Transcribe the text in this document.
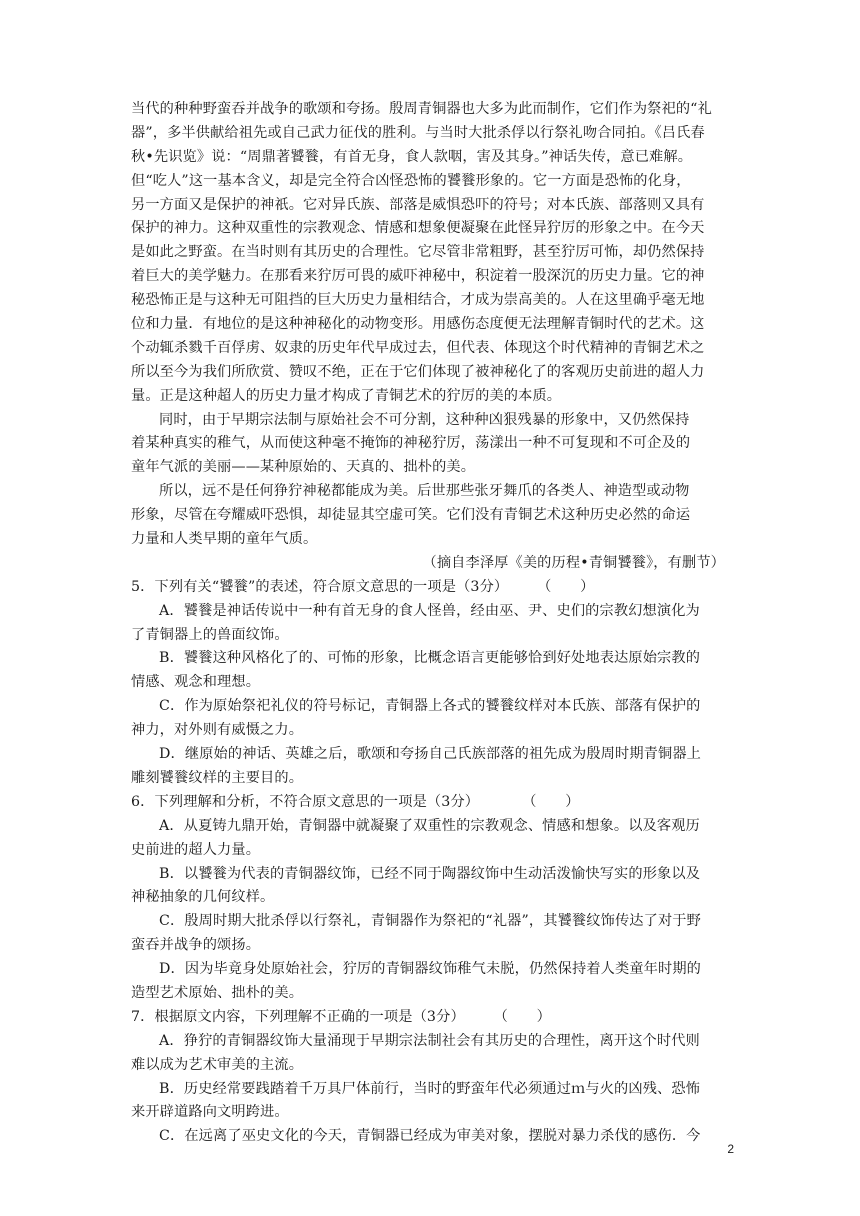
当代的种种野蛮吞并战争的歌颂和夸扬。殷周青铜器也大多为此而制作，它们作为祭祀的“礼
器”，多半供献给祖先或自己武力征伐的胜利。与当时大批杀俘以行祭礼吻合同拍。《吕氏春
秋•先识览》说：“周鼎著饕餮，有首无身，食人款咽，害及其身。”神话失传，意已难解。
但“吃人”这一基本含义，却是完全符合凶怪恐怖的饕餮形象的。它一方面是恐怖的化身，
另一方面又是保护的神祇。它对异氏族、部落是威惧恐吓的符号；对本氏族、部落则又具有
保护的神力。这种双重性的宗教观念、情感和想象便凝聚在此怪异狞厉的形象之中。在今天
是如此之野蛮。在当时则有其历史的合理性。它尽管非常粗野，甚至狞厉可怖，却仍然保持
着巨大的美学魅力。在那看来狞厉可畏的威吓神秘中，积淀着一股深沉的历史力量。它的神
秘恐怖正是与这种无可阻挡的巨大历史力量相结合，才成为崇高美的。人在这里确乎毫无地
位和力量．有地位的是这种神秘化的动物变形。用感伤态度便无法理解青铜时代的艺术。这
个动辄杀戮千百俘虏、奴隶的历史年代早成过去，但代表、体现这个时代精神的青铜艺术之
所以至今为我们所欣赏、赞叹不绝，正在于它们体现了被神秘化了的客观历史前进的超人力
量。正是这种超人的历史力量才构成了青铜艺术的狞厉的美的本质。
同时，由于早期宗法制与原始社会不可分割，这种种凶狠残暴的形象中，又仍然保持
着某种真实的稚气，从而使这种毫不掩饰的神秘狞厉，荡漾出一种不可复现和不可企及的
童年气派的美丽——某种原始的、天真的、拙朴的美。
所以，远不是任何狰狞神秘都能成为美。后世那些张牙舞爪的各类人、神造型或动物
形象，尽管在夸耀威吓恐惧，却徒显其空虚可笑。它们没有青铜艺术这种历史必然的命运
力量和人类早期的童年气质。
（摘自李泽厚《美的历程•青铜饕餮》，有删节）
5．下列有关“饕餮”的表述，符合原文意思的一项是（3分）　　　（　　）
A．饕餮是神话传说中一种有首无身的食人怪兽，经由巫、尹、史们的宗教幻想演化为
了青铜器上的兽面纹饰。
B．饕餮这种风格化了的、可怖的形象，比概念语言更能够恰到好处地表达原始宗教的
情感、观念和理想。
C．作为原始祭祀礼仪的符号标记，青铜器上各式的饕餮纹样对本氏族、部落有保护的
神力，对外则有威慑之力。
D．继原始的神话、英雄之后，歌颂和夸扬自己氏族部落的祖先成为殷周时期青铜器上
雕刻饕餮纹样的主要目的。
6．下列理解和分析，不符合原文意思的一项是（3分）　　　　（　　）
A．从夏铸九鼎开始，青铜器中就凝聚了双重性的宗教观念、情感和想象。以及客观历
史前进的超人力量。
B．以饕餮为代表的青铜器纹饰，已经不同于陶器纹饰中生动活泼愉快写实的形象以及
神秘抽象的几何纹样。
C．殷周时期大批杀俘以行祭礼，青铜器作为祭祀的“礼器”，其饕餮纹饰传达了对于野
蛮吞并战争的颂扬。
D．因为毕竟身处原始社会，狞厉的青铜器纹饰稚气未脱，仍然保持着人类童年时期的
造型艺术原始、拙朴的美。
7．根据原文内容，下列理解不正确的一项是（3分）　　　（　　）
A．狰狞的青铜器纹饰大量涌现于早期宗法制社会有其历史的合理性，离开这个时代则
难以成为艺术审美的主流。
B．历史经常要践踏着千万具尸体前行，当时的野蛮年代必须通过ｍ与火的凶残、恐怖
来开辟道路向文明跨进。
C．在远离了巫史文化的今天，青铜器已经成为审美对象，摆脱对暴力杀伐的感伤．今
2
